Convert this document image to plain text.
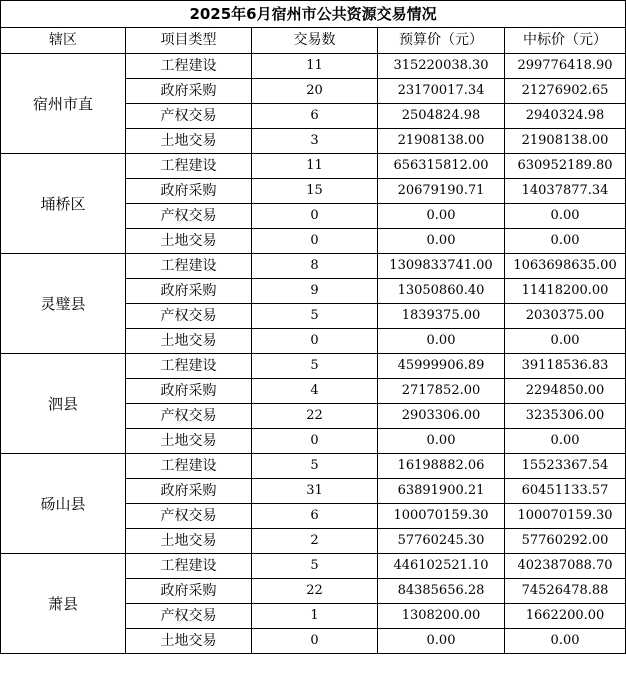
2025年6月宿州市公共资源交易情况				
辖区	项目类型	交易数	预算价（元）	中标价（元）
宿州市直	工程建设	11	315220038.30	299776418.90
	政府采购	20	23170017.34	21276902.65
	产权交易	6	2504824.98	2940324.98
	土地交易	3	21908138.00	21908138.00
埇桥区	工程建设	11	656315812.00	630952189.80
	政府采购	15	20679190.71	14037877.34
	产权交易	0	0.00	0.00
	土地交易	0	0.00	0.00
灵璧县	工程建设	8	1309833741.00	1063698635.00
	政府采购	9	13050860.40	11418200.00
	产权交易	5	1839375.00	2030375.00
	土地交易	0	0.00	0.00
泗县	工程建设	5	45999906.89	39118536.83
	政府采购	4	2717852.00	2294850.00
	产权交易	22	2903306.00	3235306.00
	土地交易	0	0.00	0.00
砀山县	工程建设	5	16198882.06	15523367.54
	政府采购	31	63891900.21	60451133.57
	产权交易	6	100070159.30	100070159.30
	土地交易	2	57760245.30	57760292.00
萧县	工程建设	5	446102521.10	402387088.70
	政府采购	22	84385656.28	74526478.88
	产权交易	1	1308200.00	1662200.00
	土地交易	0	0.00	0.00
